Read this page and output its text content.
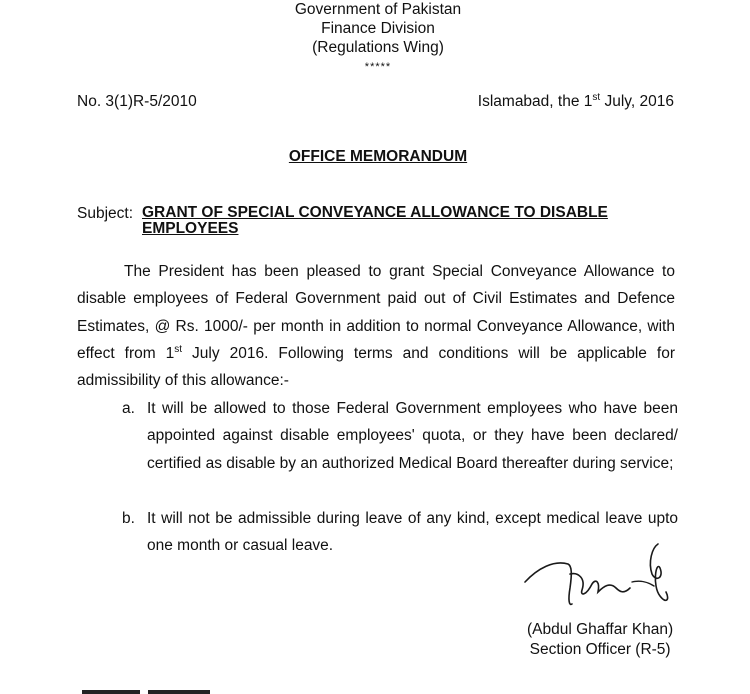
Government of Pakistan
Finance Division
(Regulations Wing)
*****
No. 3(1)R-5/2010	Islamabad, the 1st July, 2016
OFFICE MEMORANDUM
Subject: GRANT OF SPECIAL CONVEYANCE ALLOWANCE TO DISABLE EMPLOYEES
The President has been pleased to grant Special Conveyance Allowance to disable employees of Federal Government paid out of Civil Estimates and Defence Estimates, @ Rs. 1000/- per month in addition to normal Conveyance Allowance, with effect from 1st July 2016. Following terms and conditions will be applicable for admissibility of this allowance:-
a. It will be allowed to those Federal Government employees who have been appointed against disable employees' quota, or they have been declared/ certified as disable by an authorized Medical Board thereafter during service;
b. It will not be admissible during leave of any kind, except medical leave upto one month or casual leave.
(Abdul Ghaffar Khan)
Section Officer (R-5)
